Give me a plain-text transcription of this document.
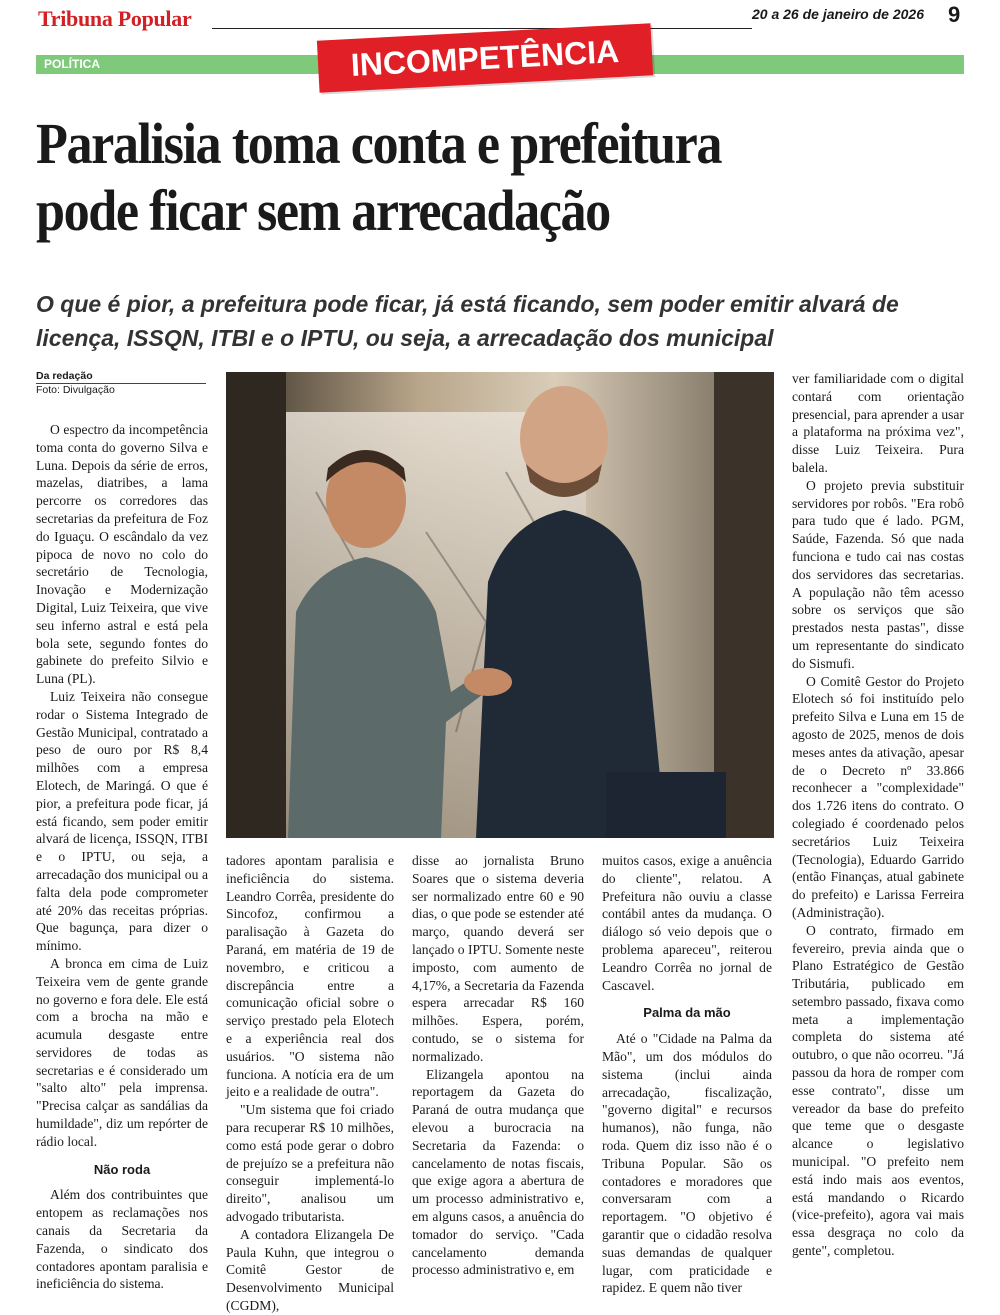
Tribuna Popular	20 a 26 de janeiro de 2026 9
POLÍTICA	INCOMPETÊNCIA
Paralisia toma conta e prefeitura
pode ficar sem arrecadação
O que é pior, a prefeitura pode ficar, já está ficando, sem poder emitir alvará de licença, ISSQN, ITBI e o IPTU, ou seja, a arrecadação dos municipal
Da redação
Foto: Divulgação

O espectro da incompetência toma conta do governo Silva e Luna. Depois da série de erros, mazelas, diatribes, a lama percorre os corredores das secretarias da prefeitura de Foz do Iguaçu. O escândalo da vez pipoca de novo no colo do secretário de Tecnologia, Inovação e Modernização Digital, Luiz Teixeira, que vive seu inferno astral e está pela bola sete, segundo fontes do gabinete do prefeito Silvio e Luna (PL).

Luiz Teixeira não consegue rodar o Sistema Integrado de Gestão Municipal, contratado a peso de ouro por R$ 8,4 milhões com a empresa Elotech, de Maringá. O que é pior, a prefeitura pode ficar, já está ficando, sem poder emitir alvará de licença, ISSQN, ITBI e o IPTU, ou seja, a arrecadação dos municipal ou a falta dela pode comprometer até 20% das receitas próprias. Que bagunça, para dizer o mínimo.

A bronca em cima de Luiz Teixeira vem de gente grande no governo e fora dele. Ele está com a brocha na mão e acumula desgaste entre servidores de todas as secretarias e é considerado um "salto alto" pela imprensa. "Precisa calçar as sandálias da humildade", diz um repórter de rádio local.

Não roda

Além dos contribuintes que entopem as reclamações nos canais da Secretaria da Fazenda, o sindicato dos contadores apontam paralisia e ineficiência do sistema.

tadores apontam paralisia e ineficiência do sistema. Leandro Corrêa, presidente do Sincofoz, confirmou a paralisação à Gazeta do Paraná, em matéria de 19 de novembro, e criticou a discrepância entre a comunicação oficial sobre o serviço prestado pela Elotech e a experiência real dos usuários. "O sistema não funciona. A notícia era de um jeito e a realidade de outra".

"Um sistema que foi criado para recuperar R$ 10 milhões, como está pode gerar o dobro de prejuízo se a prefeitura não conseguir implementá-lo direito", analisou um advogado tributarista.

A contadora Elizangela De Paula Kuhn, que integrou o Comitê Gestor de Desenvolvimento Municipal (CGDM),

disse ao jornalista Bruno Soares que o sistema deveria ser normalizado entre 60 e 90 dias, o que pode se estender até março, quando deverá ser lançado o IPTU. Somente neste imposto, com aumento de 4,17%, a Secretaria da Fazenda espera arrecadar R$ 160 milhões. Espera, porém, contudo, se o sistema for normalizado.

Elizangela apontou na reportagem da Gazeta do Paraná de outra mudança que elevou a burocracia na Secretaria da Fazenda: o cancelamento de notas fiscais, que exige agora a abertura de um processo administrativo e, em alguns casos, a anuência do tomador do serviço. "Cada cancelamento demanda processo administrativo e, em

muitos casos, exige a anuência do cliente", relatou. A Prefeitura não ouviu a classe contábil antes da mudança. O diálogo só veio depois que o problema apareceu", reiterou Leandro Corrêa no jornal de Cascavel.

Palma da mão

Até o "Cidade na Palma da Mão", um dos módulos do sistema (inclui ainda arrecadação, fiscalização, "governo digital" e recursos humanos), não funga, não roda. Quem diz isso não é o Tribuna Popular. São os contadores e moradores que conversaram com a reportagem. "O objetivo é garantir que o cidadão resolva suas demandas de qualquer lugar, com praticidade e rapidez. E quem não tiver

ver familiaridade com o digital contará com orientação presencial, para aprender a usar a plataforma na próxima vez", disse Luiz Teixeira. Pura balela.

O projeto previa substituir servidores por robôs. "Era robô para tudo que é lado. PGM, Saúde, Fazenda. Só que nada funciona e tudo cai nas costas dos servidores das secretarias. A população não têm acesso sobre os serviços que são prestados nesta pastas", disse um representante do sindicato do Sismufi.

O Comitê Gestor do Projeto Elotech só foi instituído pelo prefeito Silva e Luna em 15 de agosto de 2025, menos de dois meses antes da ativação, apesar de o Decreto nº 33.866 reconhecer a "complexidade" dos 1.726 itens do contrato. O colegiado é coordenado pelos secretários Luiz Teixeira (Tecnologia), Eduardo Garrido (então Finanças, atual gabinete do prefeito) e Larissa Ferreira (Administração).

O contrato, firmado em fevereiro, previa ainda que o Plano Estratégico de Gestão Tributária, publicado em setembro passado, fixava como meta a implementação completa do sistema até outubro, o que não ocorreu. "Já passou da hora de romper com esse contrato", disse um vereador da base do prefeito que teme que o desgaste alcance o legislativo municipal. "O prefeito nem está indo mais aos eventos, está mandando o Ricardo (vice-prefeito), agora vai mais essa desgraça no colo da gente", completou.
